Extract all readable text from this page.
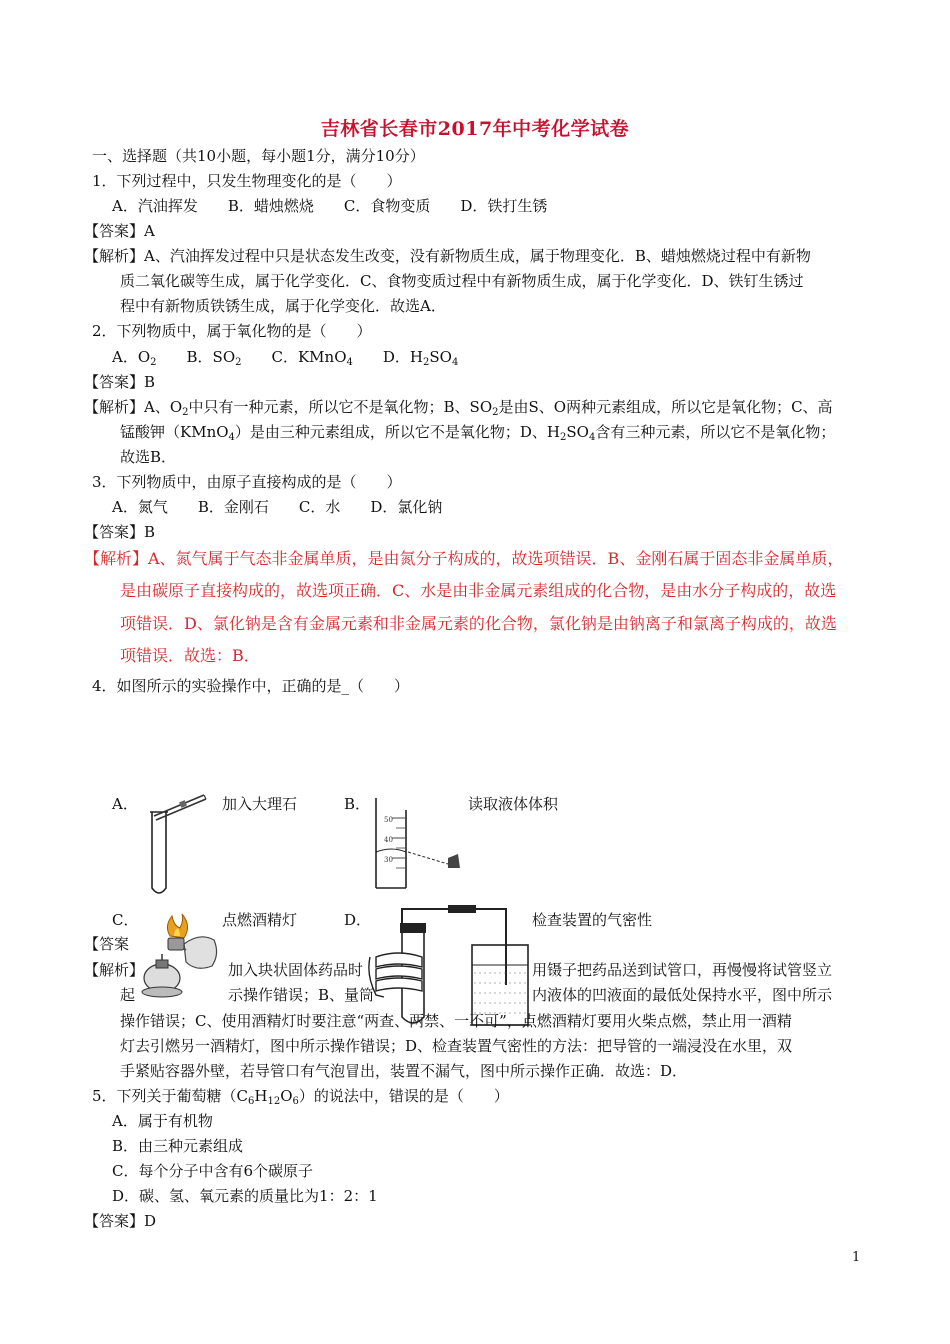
吉林省长春市2017年中考化学试卷
一、选择题（共10小题，每小题1分，满分10分）
1．下列过程中，只发生物理变化的是（　　）
A．汽油挥发　　B．蜡烛燃烧　　C．食物变质　　D．铁打生锈
【答案】A
【解析】A、汽油挥发过程中只是状态发生改变，没有新物质生成，属于物理变化．B、蜡烛燃烧过程中有新物
质二氧化碳等生成，属于化学变化．C、食物变质过程中有新物质生成，属于化学变化．D、铁钉生锈过
程中有新物质铁锈生成，属于化学变化．故选A．
2．下列物质中，属于氧化物的是（　　）
A．$O_2$　　B．$SO_2$　　C．KMnO$_4$　　D．$H_2SO_4$
【答案】B
【解析】A、$O_2$中只有一种元素，所以它不是氧化物；B、$SO_2$是由S、O两种元素组成，所以它是氧化物；C、高
锰酸钾（KMnO$_4$）是由三种元素组成，所以它不是氧化物；D、$H_2SO_4$含有三种元素，所以它不是氧化物；
故选B．
3．下列物质中，由原子直接构成的是（　　）
A．氮气　　B．金刚石　　C．水　　D．氯化钠
【答案】B
【解析】A、氮气属于气态非金属单质，是由氮分子构成的，故选项错误．B、金刚石属于固态非金属单质，
是由碳原子直接构成的，故选项正确．C、水是由非金属元素组成的化合物，是由水分子构成的，故选
项错误．D、氯化钠是含有金属元素和非金属元素的化合物，氯化钠是由钠离子和氯离子构成的，故选
项错误．故选：B．
4．如图所示的实验操作中，正确的是_（　　）
A．	加入大理石	B．
50
40
30
读取液体体积
C．	点燃酒精灯	D．	检查装置的气密性
【答案
【解析】	加入块状固体药品时	用镊子把药品送到试管口，再慢慢将试管竖立
起	示操作错误；B、量筒	内液体的凹液面的最低处保持水平，图中所示
操作错误；C、使用酒精灯时要注意“两查、两禁、一不可”，点燃酒精灯要用火柴点燃，禁止用一酒精
灯去引燃另一酒精灯，图中所示操作错误；D、检查装置气密性的方法：把导管的一端浸没在水里，双
手紧贴容器外壁，若导管口有气泡冒出，装置不漏气，图中所示操作正确．故选：D．
5．下列关于葡萄糖$(C_6H_{12}O_6)$的说法中，错误的是（　　）
A．属于有机物
B．由三种元素组成
C．每个分子中含有6个碳原子
D．碳、氢、氧元素的质量比为1：2：1
【答案】D
1
